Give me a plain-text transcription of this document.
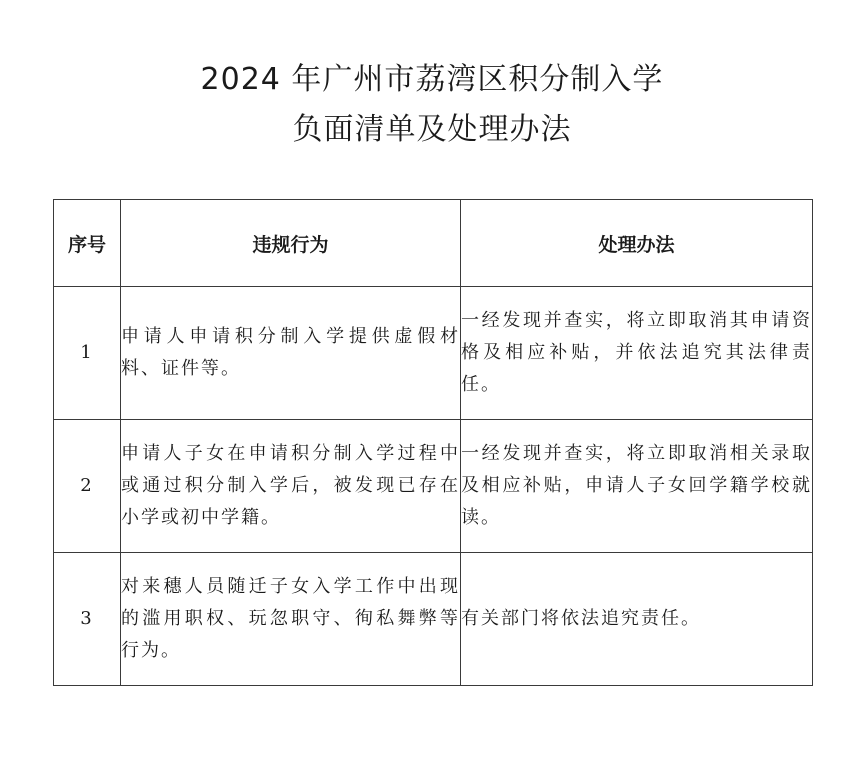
2024 年广州市荔湾区积分制入学
负面清单及处理办法
序号	违规行为	处理办法
1	申请人申请积分制入学提供虚假材料、证件等。	一经发现并查实，将立即取消其申请资格及相应补贴，并依法追究其法律责任。

2	申请人子女在申请积分制入学过程中或通过积分制入学后，被发现已存在小学或初中学籍。	一经发现并查实，将立即取消相关录取及相应补贴，申请人子女回学籍学校就读。

3	对来穗人员随迁子女入学工作中出现的滥用职权、玩忽职守、徇私舞弊等行为。	有关部门将依法追究责任。
